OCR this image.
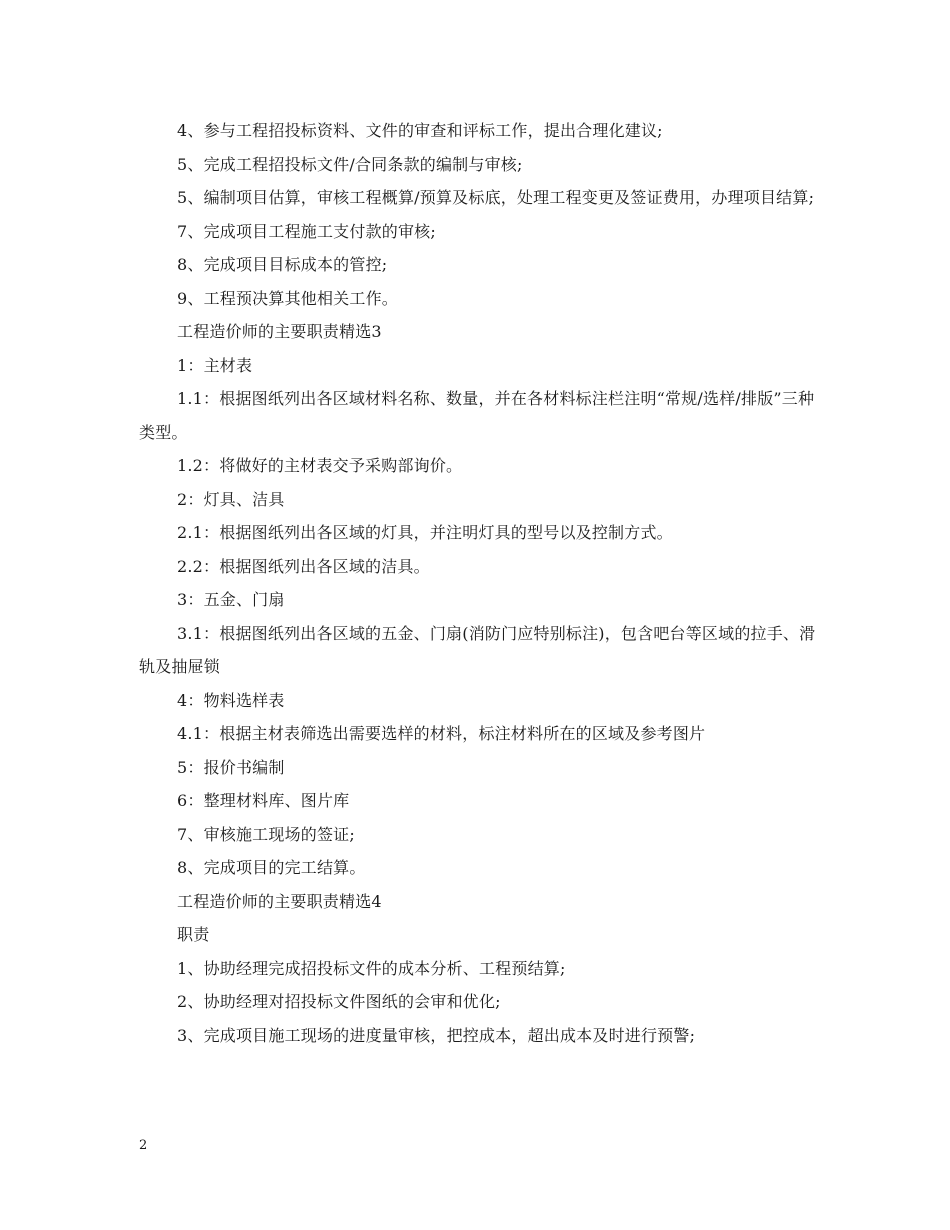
4、参与工程招投标资料、文件的审查和评标工作，提出合理化建议;

5、完成工程招投标文件/合同条款的编制与审核;

5、编制项目估算，审核工程概算/预算及标底，处理工程变更及签证费用，办理项目结算;

7、完成项目工程施工支付款的审核;

8、完成项目目标成本的管控;

9、工程预决算其他相关工作。

工程造价师的主要职责精选3

1：主材表

1.1：根据图纸列出各区域材料名称、数量，并在各材料标注栏注明“常规/选样/排版”三种类型。

1.2：将做好的主材表交予采购部询价。

2：灯具、洁具

2.1：根据图纸列出各区域的灯具，并注明灯具的型号以及控制方式。

2.2：根据图纸列出各区域的洁具。

3：五金、门扇

3.1：根据图纸列出各区域的五金、门扇(消防门应特别标注)，包含吧台等区域的拉手、滑轨及抽屉锁

4：物料选样表

4.1：根据主材表筛选出需要选样的材料，标注材料所在的区域及参考图片

5：报价书编制

6：整理材料库、图片库

7、审核施工现场的签证;

8、完成项目的完工结算。

工程造价师的主要职责精选4

职责

1、协助经理完成招投标文件的成本分析、工程预结算;

2、协助经理对招投标文件图纸的会审和优化;

3、完成项目施工现场的进度量审核，把控成本，超出成本及时进行预警;

2
